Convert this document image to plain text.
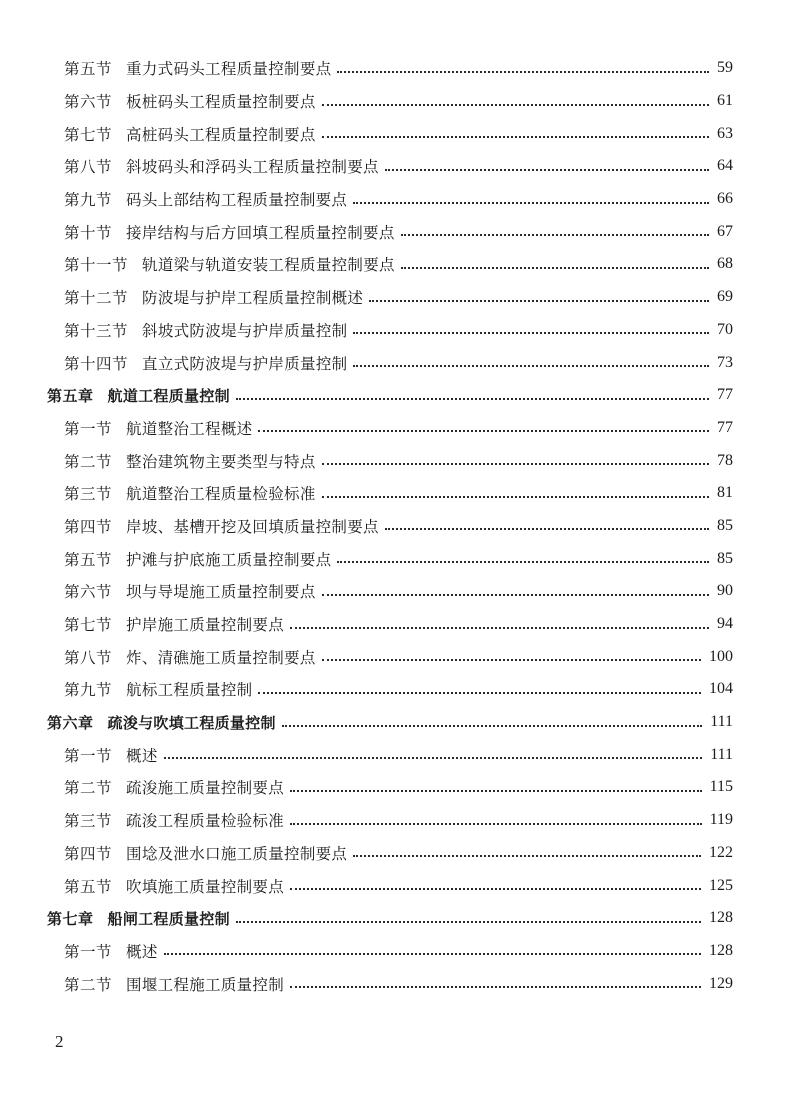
第五节 重力式码头工程质量控制要点	59
第六节 板桩码头工程质量控制要点	61
第七节 高桩码头工程质量控制要点	63
第八节 斜坡码头和浮码头工程质量控制要点	64
第九节 码头上部结构工程质量控制要点	66
第十节 接岸结构与后方回填工程质量控制要点	67
第十一节 轨道梁与轨道安装工程质量控制要点	68
第十二节 防波堤与护岸工程质量控制概述	69
第十三节 斜坡式防波堤与护岸质量控制	70
第十四节 直立式防波堤与护岸质量控制	73
第五章 航道工程质量控制	77
第一节 航道整治工程概述	77
第二节 整治建筑物主要类型与特点	78
第三节 航道整治工程质量检验标准	81
第四节 岸坡、基槽开挖及回填质量控制要点	85
第五节 护滩与护底施工质量控制要点	85
第六节 坝与导堤施工质量控制要点	90
第七节 护岸施工质量控制要点	94
第八节 炸、清礁施工质量控制要点	100
第九节 航标工程质量控制	104
第六章 疏浚与吹填工程质量控制	111
第一节 概述	111
第二节 疏浚施工质量控制要点	115
第三节 疏浚工程质量检验标准	119
第四节 围埝及泄水口施工质量控制要点	122
第五节 吹填施工质量控制要点	125
第七章 船闸工程质量控制	128
第一节 概述	128
第二节 围堰工程施工质量控制	129
2
